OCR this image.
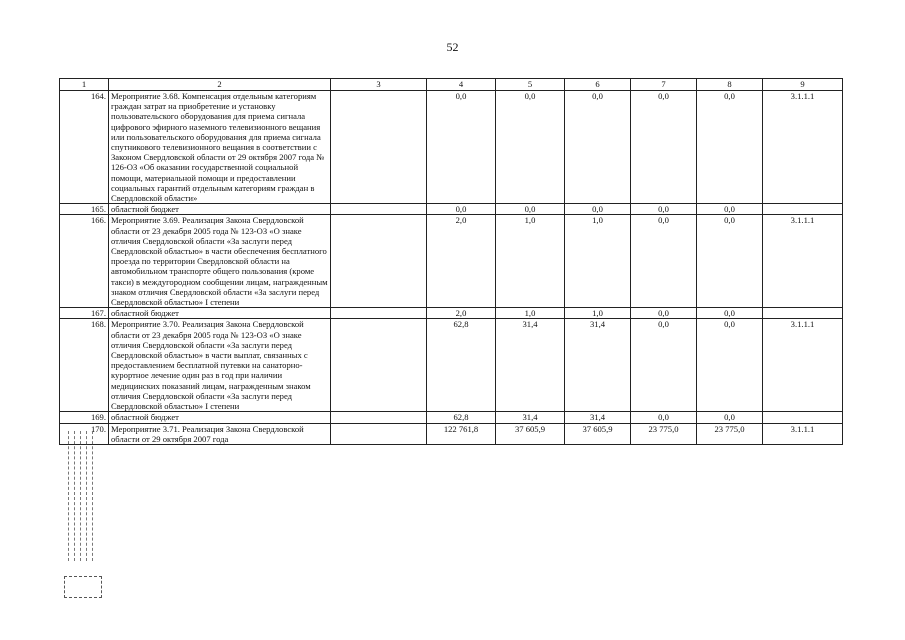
52
1	2	3	4	5	6	7	8	9
164.	Мероприятие 3.68. Компенсация отдельным категориям граждан затрат на приобретение и установку пользовательского оборудования для приема сигнала цифрового эфирного наземного телевизионного вещания или пользовательского оборудования для приема сигнала спутникового телевизионного вещания в соответствии с Законом Свердловской области от 29 октября 2007 года № 126-ОЗ «Об оказании государственной социальной помощи, материальной помощи и предоставлении социальных гарантий отдельным категориям граждан в Свердловской области»		0,0	0,0	0,0	0,0	0,0	3.1.1.1
165.	областной бюджет		0,0	0,0	0,0	0,0	0,0	
166.	Мероприятие 3.69. Реализация Закона Свердловской области от 23 декабря 2005 года № 123-ОЗ «О знаке отличия Свердловской области «За заслуги перед Свердловской областью» в части обеспечения бесплатного проезда по территории Свердловской области на автомобильном транспорте общего пользования (кроме такси) в междугородном сообщении лицам, награжденным знаком отличия Свердловской области «За заслуги перед Свердловской областью» I степени		2,0	1,0	1,0	0,0	0,0	3.1.1.1
167.	областной бюджет		2,0	1,0	1,0	0,0	0,0	
168.	Мероприятие 3.70. Реализация Закона Свердловской области от 23 декабря 2005 года № 123-ОЗ «О знаке отличия Свердловской области «За заслуги перед Свердловской областью» в части выплат, связанных с предоставлением бесплатной путевки на санаторно-курортное лечение один раз в год при наличии медицинских показаний лицам, награжденным знаком отличия Свердловской области «За заслуги перед Свердловской областью» I степени		62,8	31,4	31,4	0,0	0,0	3.1.1.1
169.	областной бюджет		62,8	31,4	31,4	0,0	0,0	
170.	Мероприятие 3.71. Реализация Закона Свердловской области от 29 октября 2007 года		122 761,8	37 605,9	37 605,9	23 775,0	23 775,0	3.1.1.1
